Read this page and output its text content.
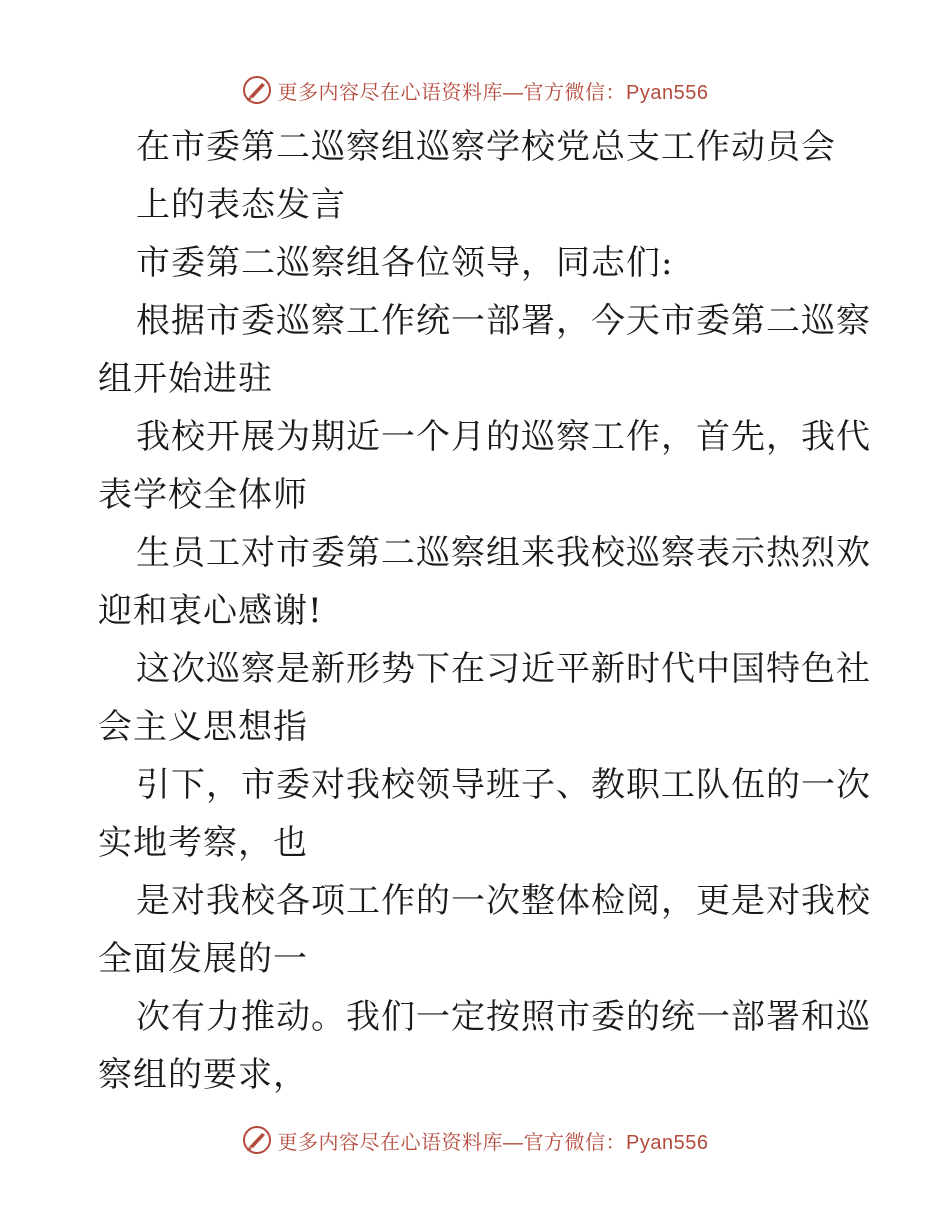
更多内容尽在心语资料库—官方微信：Pyan556
在市委第二巡察组巡察学校党总支工作动员会
上的表态发言
市委第二巡察组各位领导，同志们:
根据市委巡察工作统一部署，今天市委第二巡察
组开始进驻
我校开展为期近一个月的巡察工作，首先，我代
表学校全体师
生员工对市委第二巡察组来我校巡察表示热烈欢
迎和衷心感谢!
这次巡察是新形势下在习近平新时代中国特色社
会主义思想指
引下，市委对我校领导班子、教职工队伍的一次
实地考察，也
是对我校各项工作的一次整体检阅，更是对我校
全面发展的一
次有力推动。我们一定按照市委的统一部署和巡
察组的要求，
更多内容尽在心语资料库—官方微信：Pyan556
